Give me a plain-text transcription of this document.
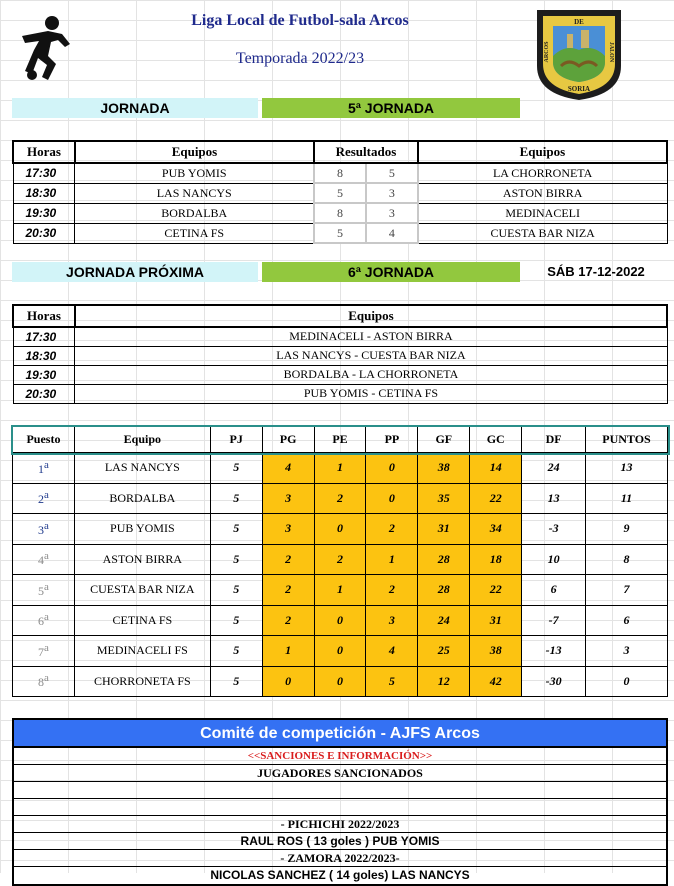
Liga Local de Futbol-sala Arcos
Temporada 2022/23
DE
ARCOS	JALON
SORIA
JORNADA	5ª JORNADA
Horas	Equipos	Resultados		Equipos
17:30	PUB YOMIS	8	5	LA CHORRONETA
18:30	LAS NANCYS	5	3	ASTON BIRRA
19:30	BORDALBA	8	3	MEDINACELI
20:30	CETINA FS	5	4	CUESTA BAR NIZA
JORNADA PRÓXIMA	6ª JORNADA	SÁB 17-12-2022
Horas	Equipos
17:30	MEDINACELI - ASTON BIRRA
18:30	LAS NANCYS - CUESTA BAR NIZA
19:30	BORDALBA - LA CHORRONETA
20:30	PUB YOMIS - CETINA FS
Puesto	Equipo	PJ	PG	PE	PP	GF	GC	DF	PUNTOS
1$^a$	LAS NANCYS	5	4	1	0	38	14	24	13
2$^a$	BORDALBA	5	3	2	0	35	22	13	11
3$^a$	PUB YOMIS	5	3	0	2	31	34	-3	9
4$^a$	ASTON BIRRA	5	2	2	1	28	18	10	8
5$^a$	CUESTA BAR NIZA	5	2	1	2	28	22	6	7
6$^a$	CETINA FS	5	2	0	3	24	31	-7	6
7$^a$	MEDINACELI FS	5	1	0	4	25	38	-13	3
8$^a$	CHORRONETA FS	5	0	0	5	12	42	-30	0
Comité de competición - AJFS Arcos
<<SANCIONES E INFORMACIÓN>>
JUGADORES SANCIONADOS
- PICHICHI 2022/2023
RAUL ROS ( 13 goles ) PUB YOMIS
- ZAMORA 2022/2023-
NICOLAS SANCHEZ ( 14 goles) LAS NANCYS
